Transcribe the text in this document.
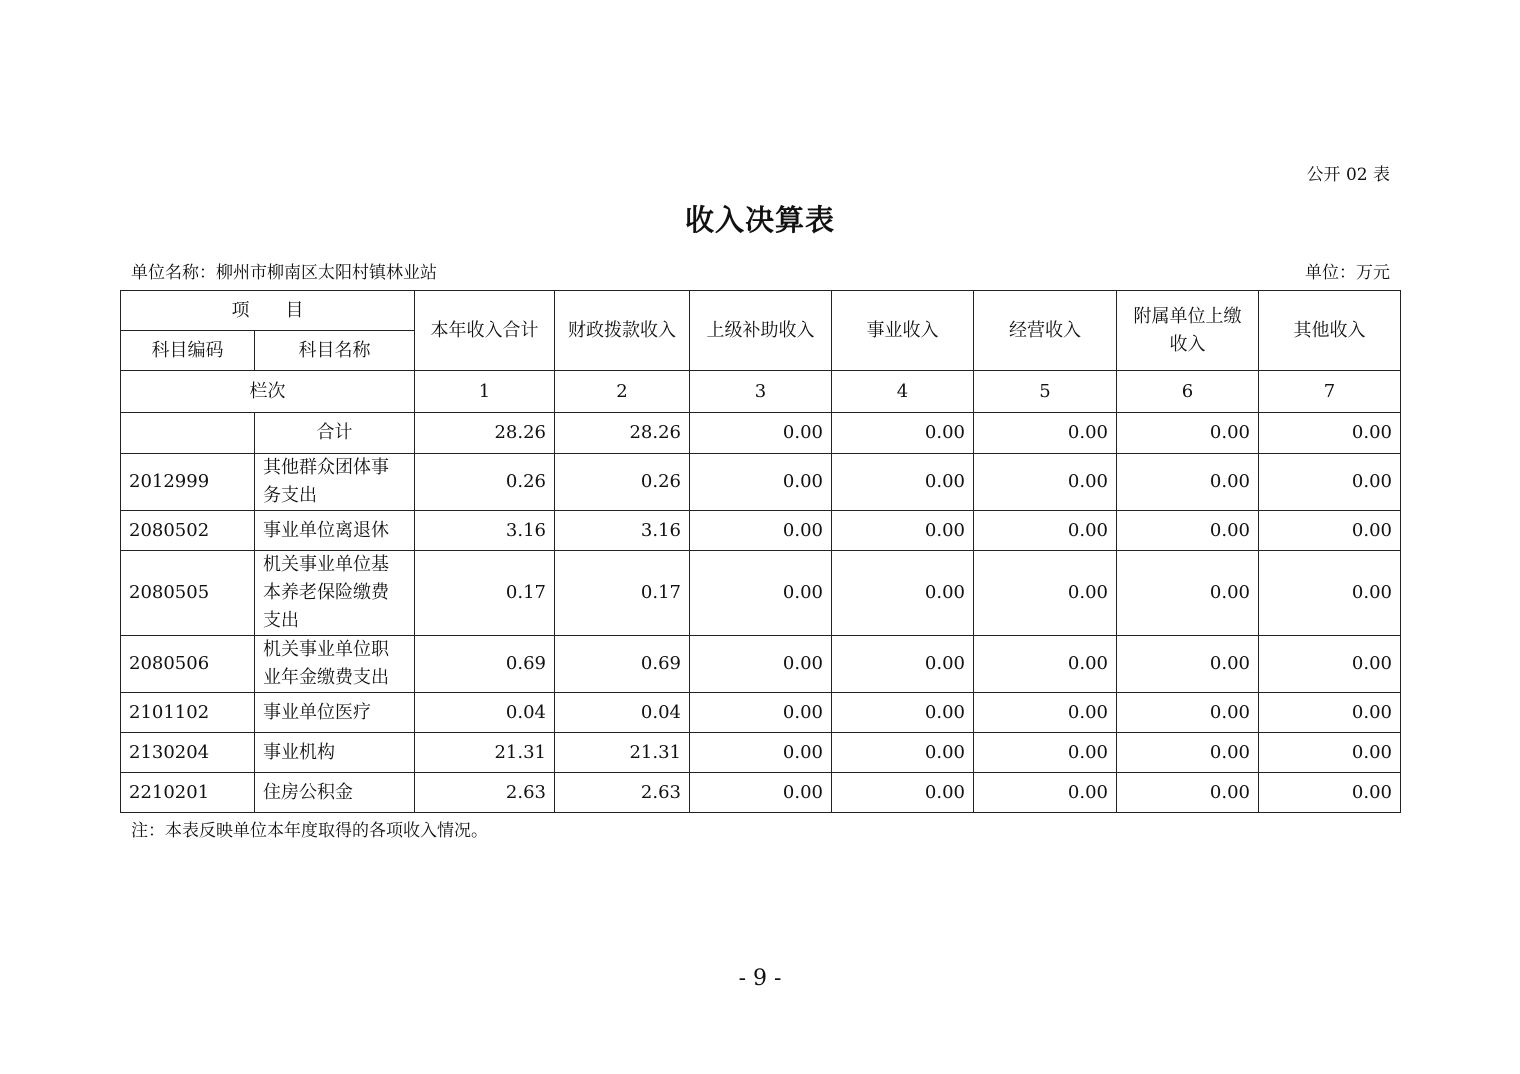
公开 02 表
收入决算表
单位名称：柳州市柳南区太阳村镇林业站	单位：万元
项　　目		本年收入合计	财政拨款收入	上级补助收入	事业收入	经营收入	附属单位上缴收入	其他收入
科目编码	科目名称							
栏次		1	2	3	4	5	6	7
	合计	28.26	28.26	0.00	0.00	0.00	0.00	0.00
2012999	其他群众团体事务支出	0.26	0.26	0.00	0.00	0.00	0.00	0.00
2080502	事业单位离退休	3.16	3.16	0.00	0.00	0.00	0.00	0.00
2080505	机关事业单位基本养老保险缴费支出	0.17	0.17	0.00	0.00	0.00	0.00	0.00
2080506	机关事业单位职业年金缴费支出	0.69	0.69	0.00	0.00	0.00	0.00	0.00
2101102	事业单位医疗	0.04	0.04	0.00	0.00	0.00	0.00	0.00
2130204	事业机构	21.31	21.31	0.00	0.00	0.00	0.00	0.00
2210201	住房公积金	2.63	2.63	0.00	0.00	0.00	0.00	0.00
注：本表反映单位本年度取得的各项收入情况。
- 9 -
